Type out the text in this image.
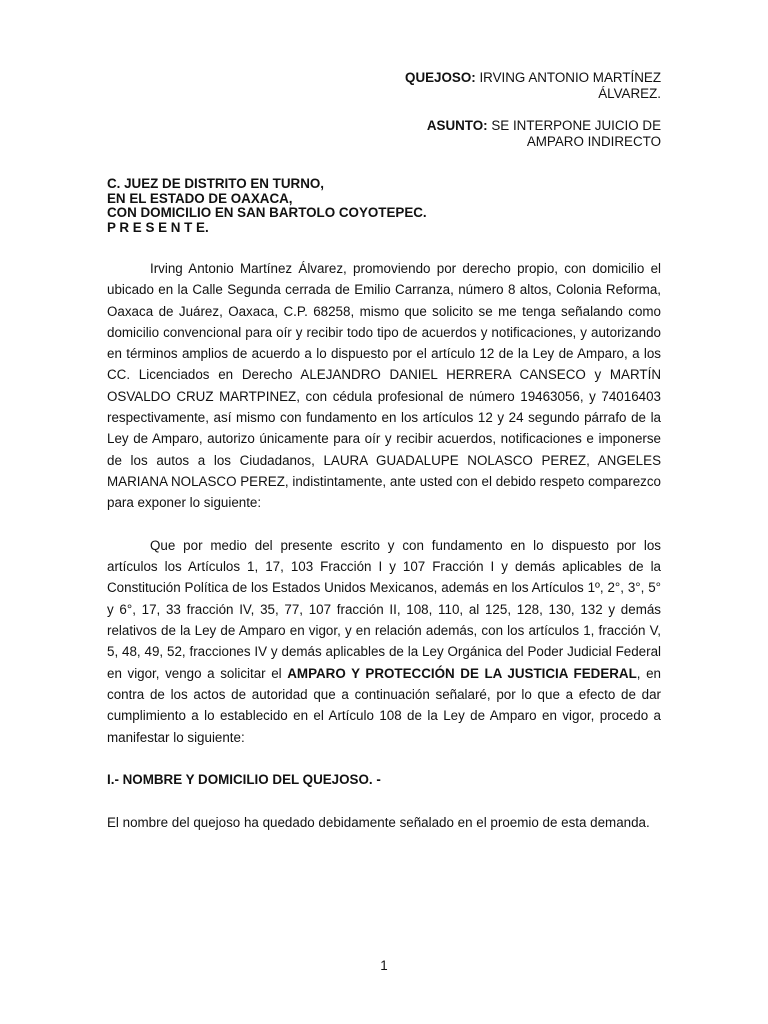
QUEJOSO: IRVING ANTONIO MARTÍNEZ
ÁLVAREZ.
ASUNTO: SE INTERPONE JUICIO DE
AMPARO INDIRECTO
C. JUEZ DE DISTRITO EN TURNO,
EN EL ESTADO DE OAXACA,
CON DOMICILIO EN SAN BARTOLO COYOTEPEC.
P R E S E N T E.

Irving Antonio Martínez Álvarez, promoviendo por derecho propio, con domicilio el ubicado en la Calle Segunda cerrada de Emilio Carranza, número 8 altos, Colonia Reforma, Oaxaca de Juárez, Oaxaca, C.P. 68258, mismo que solicito se me tenga señalando como domicilio convencional para oír y recibir todo tipo de acuerdos y notificaciones, y autorizando en términos amplios de acuerdo a lo dispuesto por el artículo 12 de la Ley de Amparo, a los CC. Licenciados en Derecho ALEJANDRO DANIEL HERRERA CANSECO y MARTÍN OSVALDO CRUZ MARTPINEZ, con cédula profesional de número 19463056, y 74016403 respectivamente, así mismo con fundamento en los artículos 12 y 24 segundo párrafo de la Ley de Amparo, autorizo únicamente para oír y recibir acuerdos, notificaciones e imponerse de los autos a los Ciudadanos, LAURA GUADALUPE NOLASCO PEREZ, ANGELES MARIANA NOLASCO PEREZ, indistintamente, ante usted con el debido respeto comparezco para exponer lo siguiente:

Que por medio del presente escrito y con fundamento en lo dispuesto por los artículos los Artículos 1, 17, 103 Fracción I y 107 Fracción I y demás aplicables de la Constitución Política de los Estados Unidos Mexicanos, además en los Artículos 1º, 2°, 3°, 5° y 6°, 17, 33 fracción IV, 35, 77, 107 fracción II, 108, 110, al 125, 128, 130, 132 y demás relativos de la Ley de Amparo en vigor, y en relación además, con los artículos 1, fracción V, 5, 48, 49, 52, fracciones IV y demás aplicables de la Ley Orgánica del Poder Judicial Federal en vigor, vengo a solicitar el AMPARO Y PROTECCIÓN DE LA JUSTICIA FEDERAL, en contra de los actos de autoridad que a continuación señalaré, por lo que a efecto de dar cumplimiento a lo establecido en el Artículo 108 de la Ley de Amparo en vigor, procedo a manifestar lo siguiente:

I.- NOMBRE Y DOMICILIO DEL QUEJOSO. -

El nombre del quejoso ha quedado debidamente señalado en el proemio de esta demanda.

1
